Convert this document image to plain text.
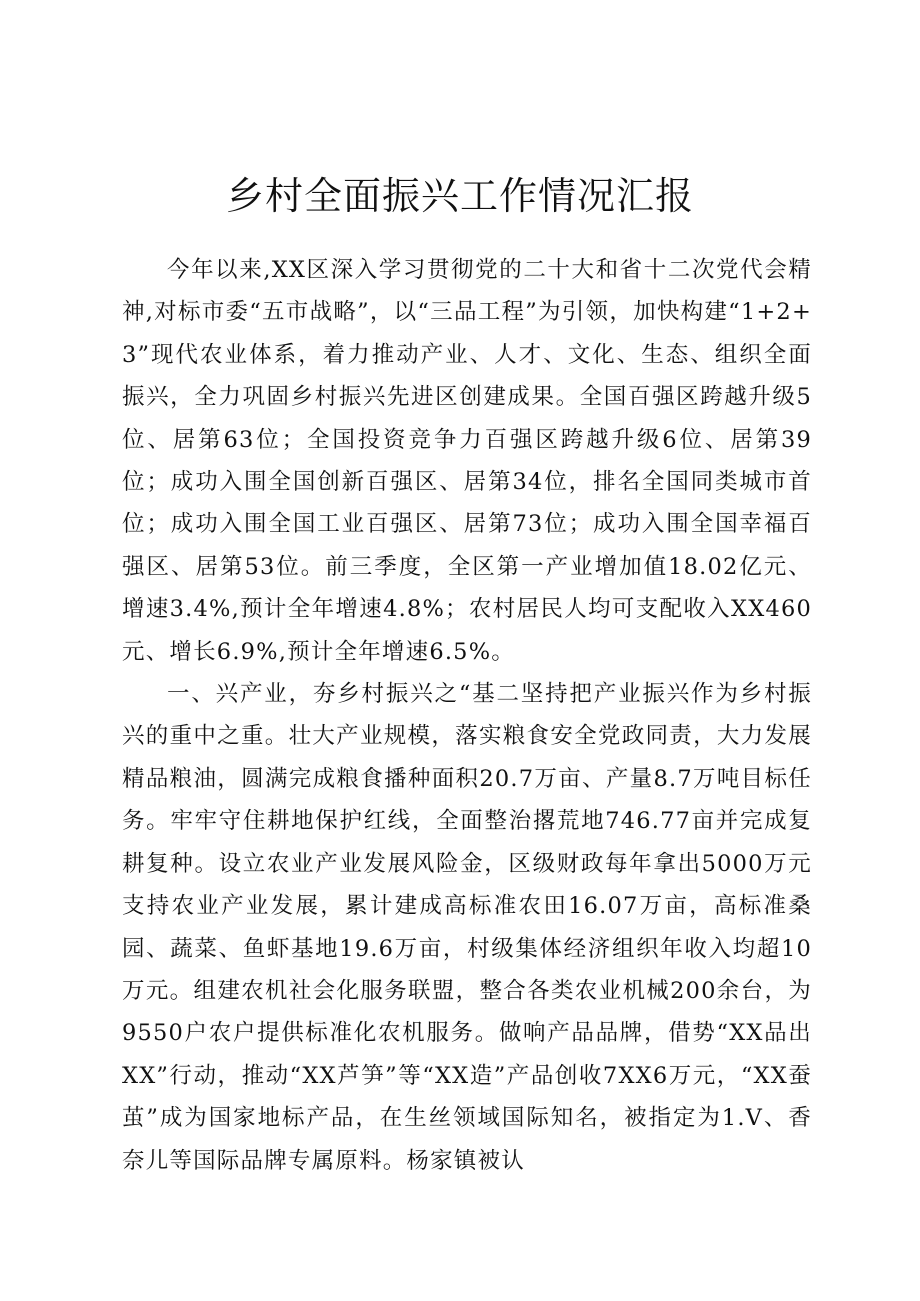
乡村全面振兴工作情况汇报

今年以来,XX区深入学习贯彻党的二十大和省十二次党代会精神,对标市委“五市战略”，以“三品工程”为引领，加快构建“1+2+3”现代农业体系，着力推动产业、人才、文化、生态、组织全面振兴，全力巩固乡村振兴先进区创建成果。全国百强区跨越升级5位、居第63位；全国投资竞争力百强区跨越升级6位、居第39位；成功入围全国创新百强区、居第34位，排名全国同类城市首位；成功入围全国工业百强区、居第73位；成功入围全国幸福百强区、居第53位。前三季度，全区第一产业增加值18.02亿元、增速3.4%,预计全年增速4.8%；农村居民人均可支配收入XX460元、增长6.9%,预计全年增速6.5%。

一、兴产业，夯乡村振兴之“基二坚持把产业振兴作为乡村振兴的重中之重。壮大产业规模，落实粮食安全党政同责，大力发展精品粮油，圆满完成粮食播种面积20.7万亩、产量8.7万吨目标任务。牢牢守住耕地保护红线，全面整治撂荒地746.77亩并完成复耕复种。设立农业产业发展风险金，区级财政每年拿出5000万元支持农业产业发展，累计建成高标准农田16.07万亩，高标准桑园、蔬菜、鱼虾基地19.6万亩，村级集体经济组织年收入均超10万元。组建农机社会化服务联盟，整合各类农业机械200余台，为9550户农户提供标准化农机服务。做响产品品牌，借势“XX品出XX”行动，推动“XX芦笋”等“XX造”产品创收7XX6万元，“XX蚕茧”成为国家地标产品，在生丝领域国际知名，被指定为1.V、香奈儿等国际品牌专属原料。杨家镇被认
